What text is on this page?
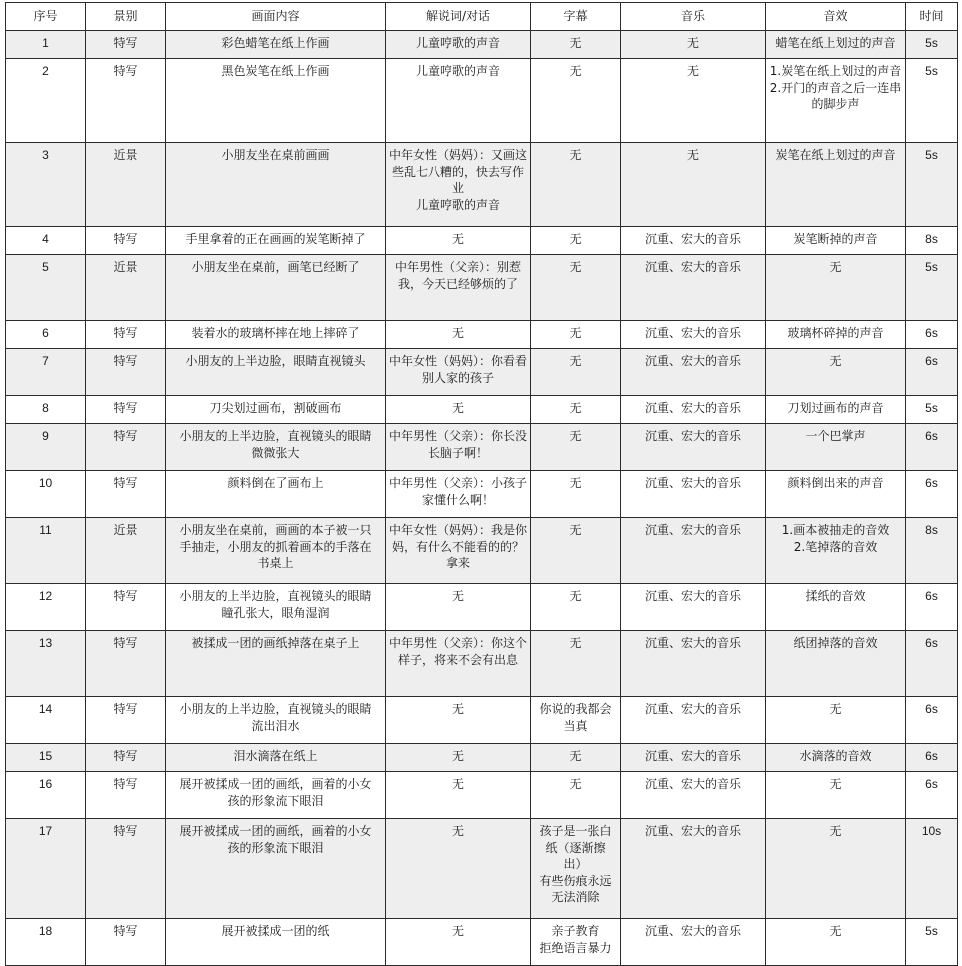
序号	景别	画面内容	解说词/对话	字幕	音乐	音效	时间

1	特写	彩色蜡笔在纸上作画	儿童哼歌的声音	无	无	蜡笔在纸上划过的声音	5s

2	特写	黑色炭笔在纸上作画	儿童哼歌的声音	无	无	1.炭笔在纸上划过的声音
2.开门的声音之后一连串的脚步声	5s

3	近景	小朋友坐在桌前画画	中年女性（妈妈）：又画这些乱七八糟的，快去写作业
儿童哼歌的声音	无	无	炭笔在纸上划过的声音	5s

4	特写	手里拿着的正在画画的炭笔断掉了	无	无	沉重、宏大的音乐	炭笔断掉的声音	8s

5	近景	小朋友坐在桌前，画笔已经断了	中年男性（父亲）：别惹我，今天已经够烦的了	无	沉重、宏大的音乐	无	5s

6	特写	装着水的玻璃杯摔在地上摔碎了	无	无	沉重、宏大的音乐	玻璃杯碎掉的声音	6s

7	特写	小朋友的上半边脸，眼睛直视镜头	中年女性（妈妈）：你看看别人家的孩子	无	沉重、宏大的音乐	无	6s

8	特写	刀尖划过画布，割破画布	无	无	沉重、宏大的音乐	刀划过画布的声音	5s

9	特写	小朋友的上半边脸，直视镜头的眼睛微微张大	中年男性（父亲）：你长没长脑子啊！	无	沉重、宏大的音乐	一个巴掌声	6s

10	特写	颜料倒在了画布上	中年男性（父亲）：小孩子家懂什么啊！	无	沉重、宏大的音乐	颜料倒出来的声音	6s

11	近景	小朋友坐在桌前，画画的本子被一只手抽走，小朋友的抓着画本的手落在书桌上	中年女性（妈妈）：我是你妈，有什么不能看的的？拿来	无	沉重、宏大的音乐	1.画本被抽走的音效
2.笔掉落的音效	8s

12	特写	小朋友的上半边脸，直视镜头的眼睛瞳孔张大，眼角湿润	无	无	沉重、宏大的音乐	揉纸的音效	6s

13	特写	被揉成一团的画纸掉落在桌子上	中年男性（父亲）：你这个样子，将来不会有出息	无	沉重、宏大的音乐	纸团掉落的音效	6s

14	特写	小朋友的上半边脸，直视镜头的眼睛流出泪水	无	你说的我都会当真	沉重、宏大的音乐	无	6s

15	特写	泪水滴落在纸上	无	无	沉重、宏大的音乐	水滴落的音效	6s

16	特写	展开被揉成一团的画纸，画着的小女孩的形象流下眼泪	无	无	沉重、宏大的音乐	无	6s

17	特写	展开被揉成一团的画纸，画着的小女孩的形象流下眼泪	无	孩子是一张白纸（逐渐擦出）
有些伤痕永远无法消除	沉重、宏大的音乐	无	10s

18	特写	展开被揉成一团的纸	无	亲子教育
拒绝语言暴力	沉重、宏大的音乐	无	5s
